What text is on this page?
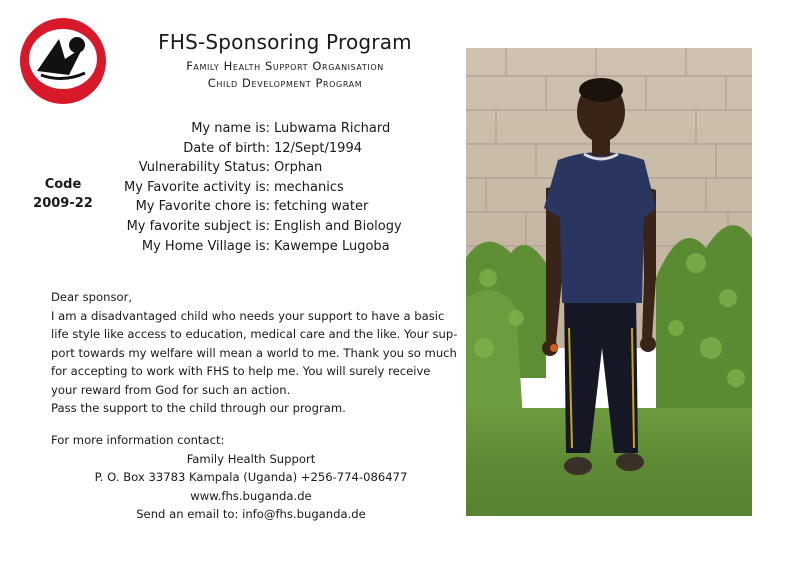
FHS-Sponsoring Program
Family Health Support Organisation
Child Development Program
Code
2009-22
My name is: Lubwama Richard
Date of birth: 12/Sept/1994
Vulnerability Status: Orphan
My Favorite activity is: mechanics
My Favorite chore is: fetching water
My favorite subject is: English and Biology
My Home Village is: Kawempe Lugoba
Dear sponsor,
I am a disadvantaged child who needs your support to have a basic
life style like access to education, medical care and the like. Your sup-
port towards my welfare will mean a world to me. Thank you so much
for accepting to work with FHS to help me. You will surely receive
your reward from God for such an action.
Pass the support to the child through our program.
For more information contact:
Family Health Support
P. O. Box 33783 Kampala (Uganda) +256-774-086477
www.fhs.buganda.de
Send an email to: info@fhs.buganda.de
